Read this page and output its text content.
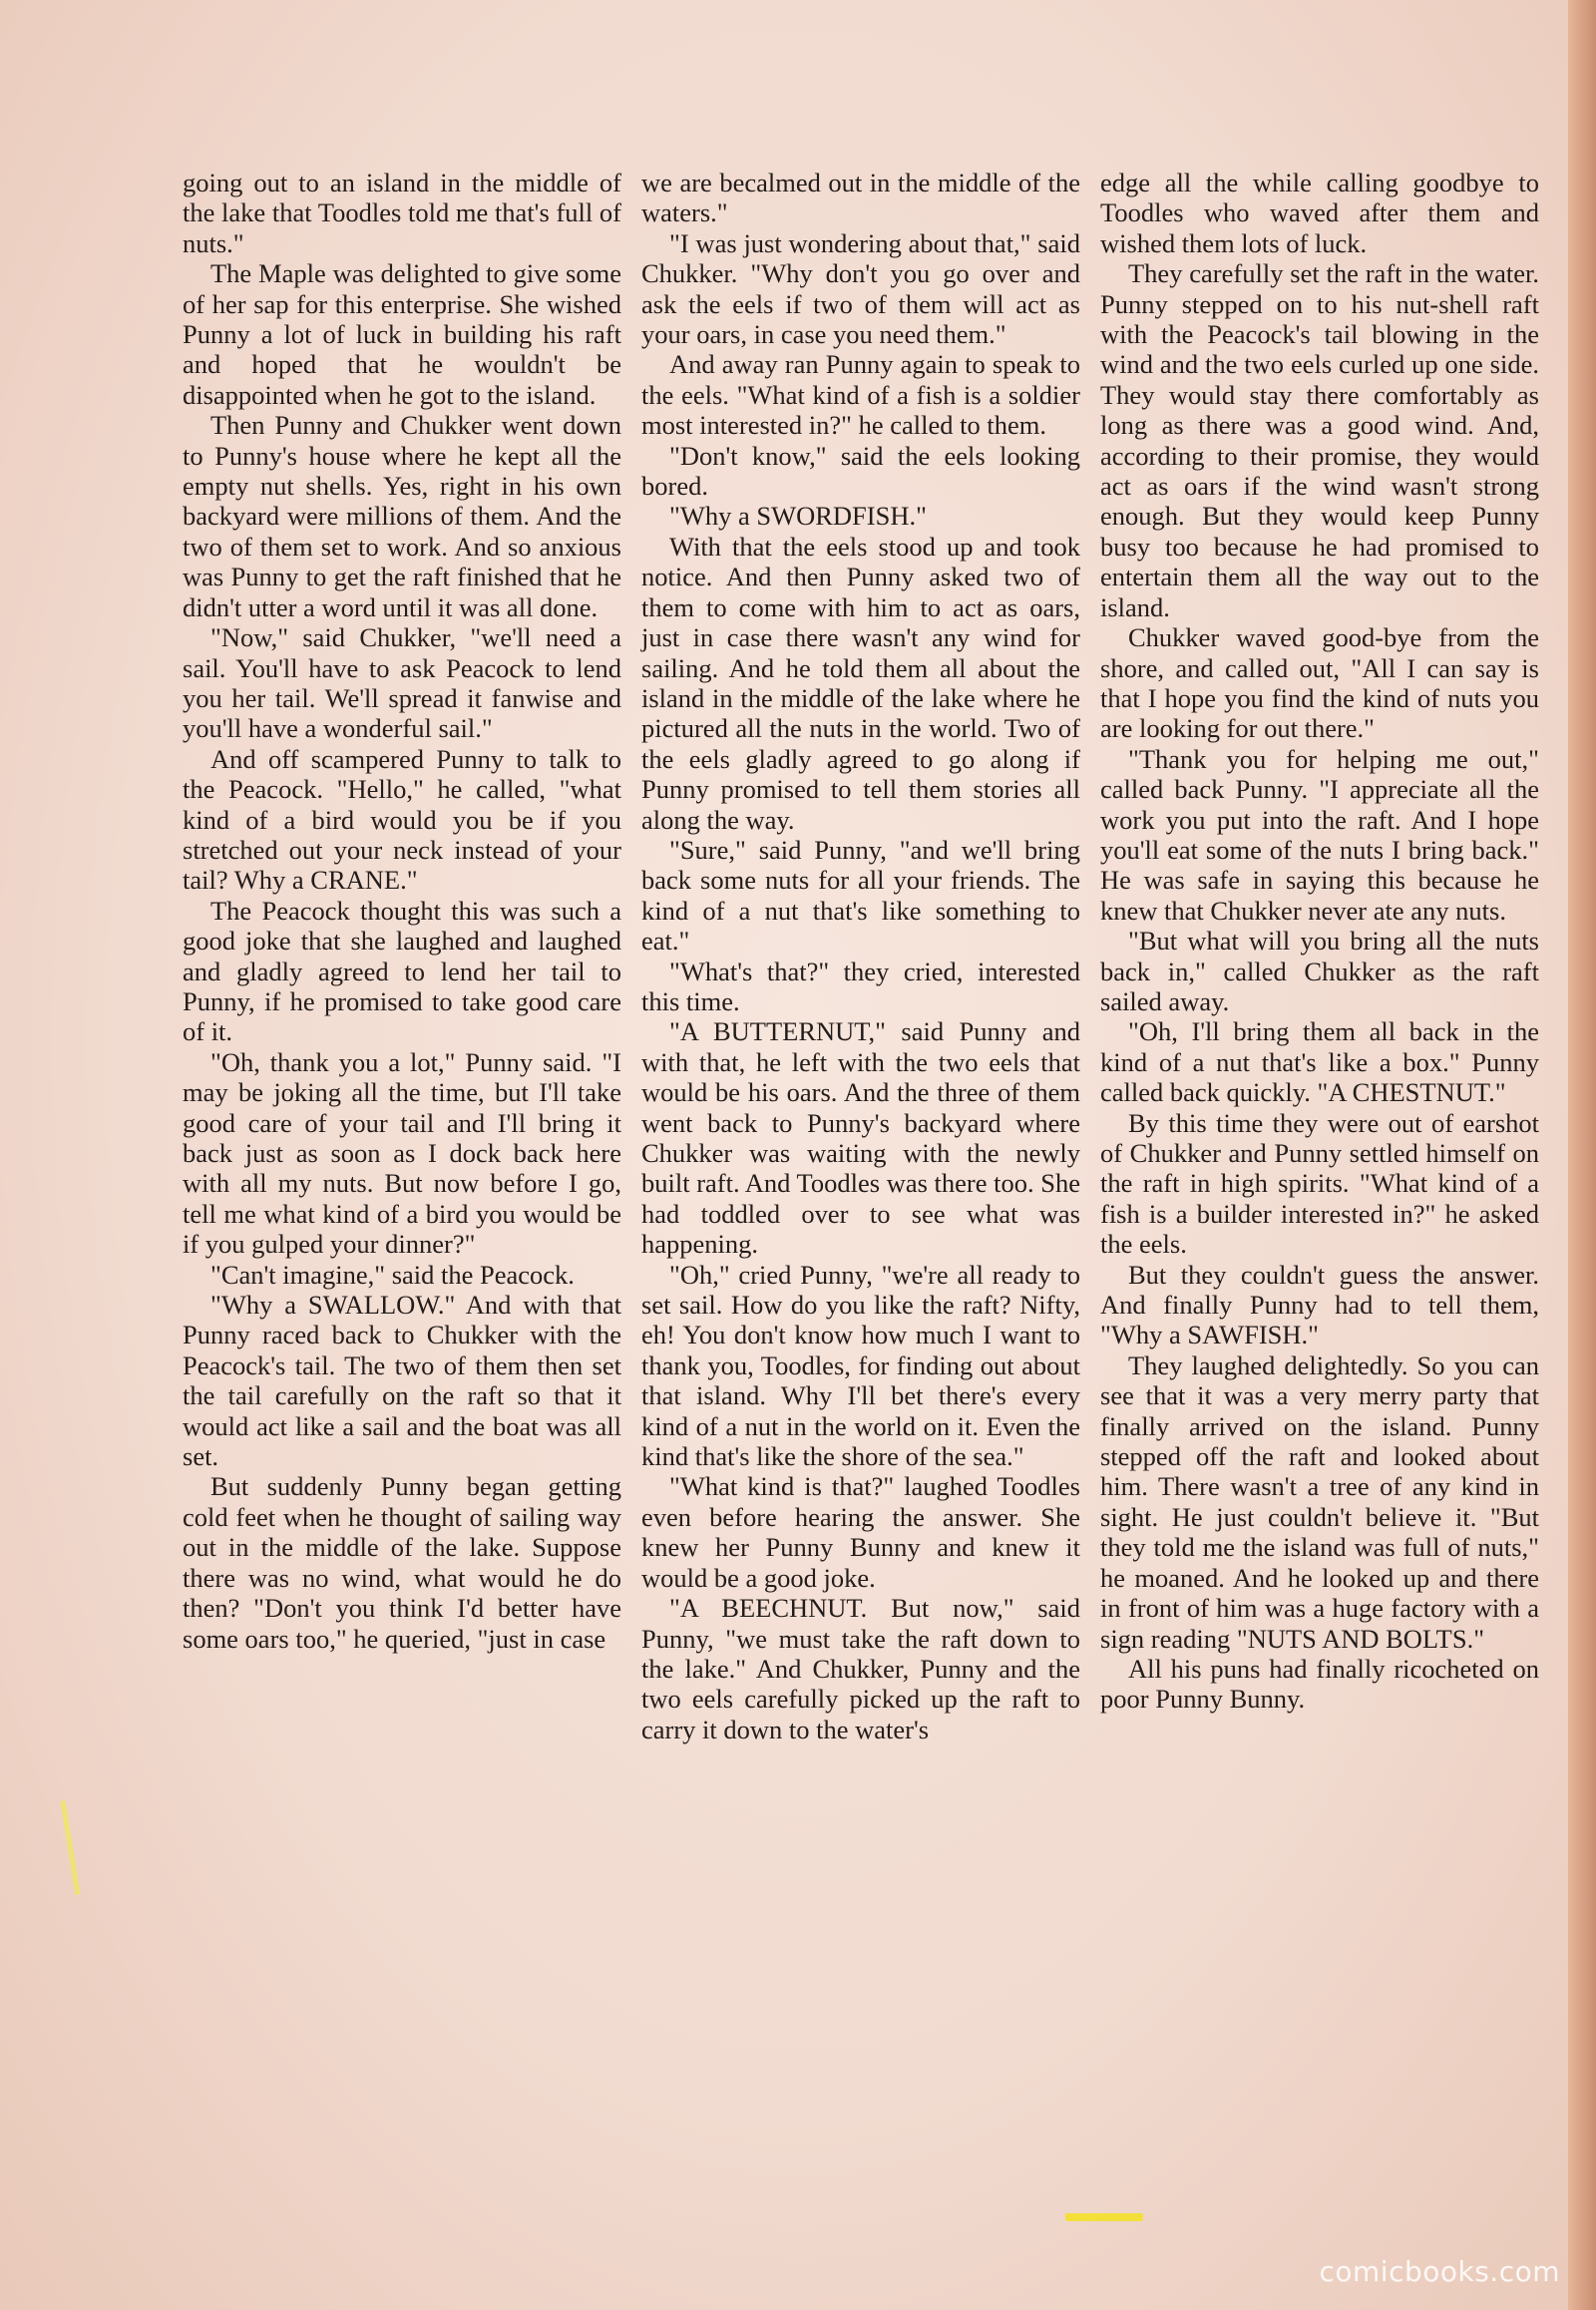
going out to an island in the middle of the lake that Toodles told me that's full of nuts."

The Maple was delighted to give some of her sap for this enterprise. She wished Punny a lot of luck in building his raft and hoped that he wouldn't be disappointed when he got to the island.

Then Punny and Chukker went down to Punny's house where he kept all the empty nut shells. Yes, right in his own backyard were millions of them. And the two of them set to work. And so anxious was Punny to get the raft finished that he didn't utter a word until it was all done.

"Now," said Chukker, "we'll need a sail. You'll have to ask Peacock to lend you her tail. We'll spread it fanwise and you'll have a wonderful sail."

And off scampered Punny to talk to the Peacock. "Hello," he called, "what kind of a bird would you be if you stretched out your neck instead of your tail? Why a CRANE."

The Peacock thought this was such a good joke that she laughed and laughed and gladly agreed to lend her tail to Punny, if he promised to take good care of it.

"Oh, thank you a lot," Punny said. "I may be joking all the time, but I'll take good care of your tail and I'll bring it back just as soon as I dock back here with all my nuts. But now before I go, tell me what kind of a bird you would be if you gulped your dinner?"

"Can't imagine," said the Peacock.

"Why a SWALLOW." And with that Punny raced back to Chukker with the Peacock's tail. The two of them then set the tail carefully on the raft so that it would act like a sail and the boat was all set.

But suddenly Punny began getting cold feet when he thought of sailing way out in the middle of the lake. Suppose there was no wind, what would he do then? "Don't you think I'd better have some oars too," he queried, "just in case

we are becalmed out in the middle of the waters."

"I was just wondering about that," said Chukker. "Why don't you go over and ask the eels if two of them will act as your oars, in case you need them."

And away ran Punny again to speak to the eels. "What kind of a fish is a soldier most interested in?" he called to them.

"Don't know," said the eels looking bored.

"Why a SWORDFISH."

With that the eels stood up and took notice. And then Punny asked two of them to come with him to act as oars, just in case there wasn't any wind for sailing. And he told them all about the island in the middle of the lake where he pictured all the nuts in the world. Two of the eels gladly agreed to go along if Punny promised to tell them stories all along the way.

"Sure," said Punny, "and we'll bring back some nuts for all your friends. The kind of a nut that's like something to eat."

"What's that?" they cried, interested this time.

"A BUTTERNUT," said Punny and with that, he left with the two eels that would be his oars. And the three of them went back to Punny's backyard where Chukker was waiting with the newly built raft. And Toodles was there too. She had toddled over to see what was happening.

"Oh," cried Punny, "we're all ready to set sail. How do you like the raft? Nifty, eh! You don't know how much I want to thank you, Toodles, for finding out about that island. Why I'll bet there's every kind of a nut in the world on it. Even the kind that's like the shore of the sea."

"What kind is that?" laughed Toodles even before hearing the answer. She knew her Punny Bunny and knew it would be a good joke.

"A BEECHNUT. But now," said Punny, "we must take the raft down to the lake." And Chukker, Punny and the two eels carefully picked up the raft to carry it down to the water's

edge all the while calling goodbye to Toodles who waved after them and wished them lots of luck.

They carefully set the raft in the water. Punny stepped on to his nut-shell raft with the Peacock's tail blowing in the wind and the two eels curled up one side. They would stay there comfortably as long as there was a good wind. And, according to their promise, they would act as oars if the wind wasn't strong enough. But they would keep Punny busy too because he had promised to entertain them all the way out to the island.

Chukker waved good-bye from the shore, and called out, "All I can say is that I hope you find the kind of nuts you are looking for out there."

"Thank you for helping me out," called back Punny. "I appreciate all the work you put into the raft. And I hope you'll eat some of the nuts I bring back." He was safe in saying this because he knew that Chukker never ate any nuts.

"But what will you bring all the nuts back in," called Chukker as the raft sailed away.

"Oh, I'll bring them all back in the kind of a nut that's like a box." Punny called back quickly. "A CHESTNUT."

By this time they were out of earshot of Chukker and Punny settled himself on the raft in high spirits. "What kind of a fish is a builder interested in?" he asked the eels.

But they couldn't guess the answer. And finally Punny had to tell them, "Why a SAWFISH."

They laughed delightedly. So you can see that it was a very merry party that finally arrived on the island. Punny stepped off the raft and looked about him. There wasn't a tree of any kind in sight. He just couldn't believe it. "But they told me the island was full of nuts," he moaned. And he looked up and there in front of him was a huge factory with a sign reading "NUTS AND BOLTS."

All his puns had finally ricocheted on poor Punny Bunny.

comicbooks.com
